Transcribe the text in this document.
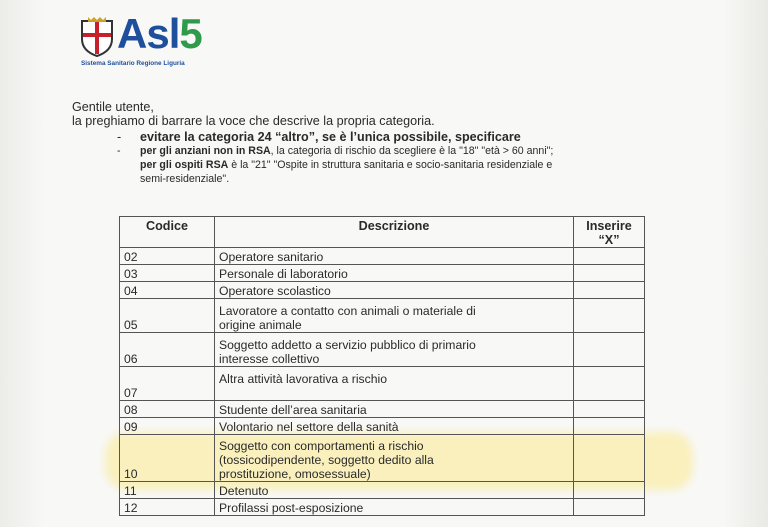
Asl5
Sistema Sanitario Regione Liguria
Gentile utente,
la preghiamo di barrare la voce che descrive la propria categoria.
- evitare la categoria 24 “altro”, se è l’unica possibile, specificare
- per gli anziani non in RSA, la categoria di rischio da scegliere è la "18" "età > 60 anni";
per gli ospiti RSA è la "21" "Ospite in struttura sanitaria e socio-sanitaria residenziale e
semi-residenziale".
Codice	Descrizione	Inserire
“X”
02	Operatore sanitario	
03	Personale di laboratorio	
04	Operatore scolastico	
05	Lavoratore a contatto con animali o materiale di
origine animale	
06	Soggetto addetto a servizio pubblico di primario
interesse collettivo	
07	Altra attività lavorativa a rischio

08	Studente dell’area sanitaria	
09	Volontario nel settore della sanità	
10	Soggetto con comportamenti a rischio
(tossicodipendente, soggetto dedito alla
prostituzione, omosessuale)	
11	Detenuto	
12	Profilassi post-esposizione	
